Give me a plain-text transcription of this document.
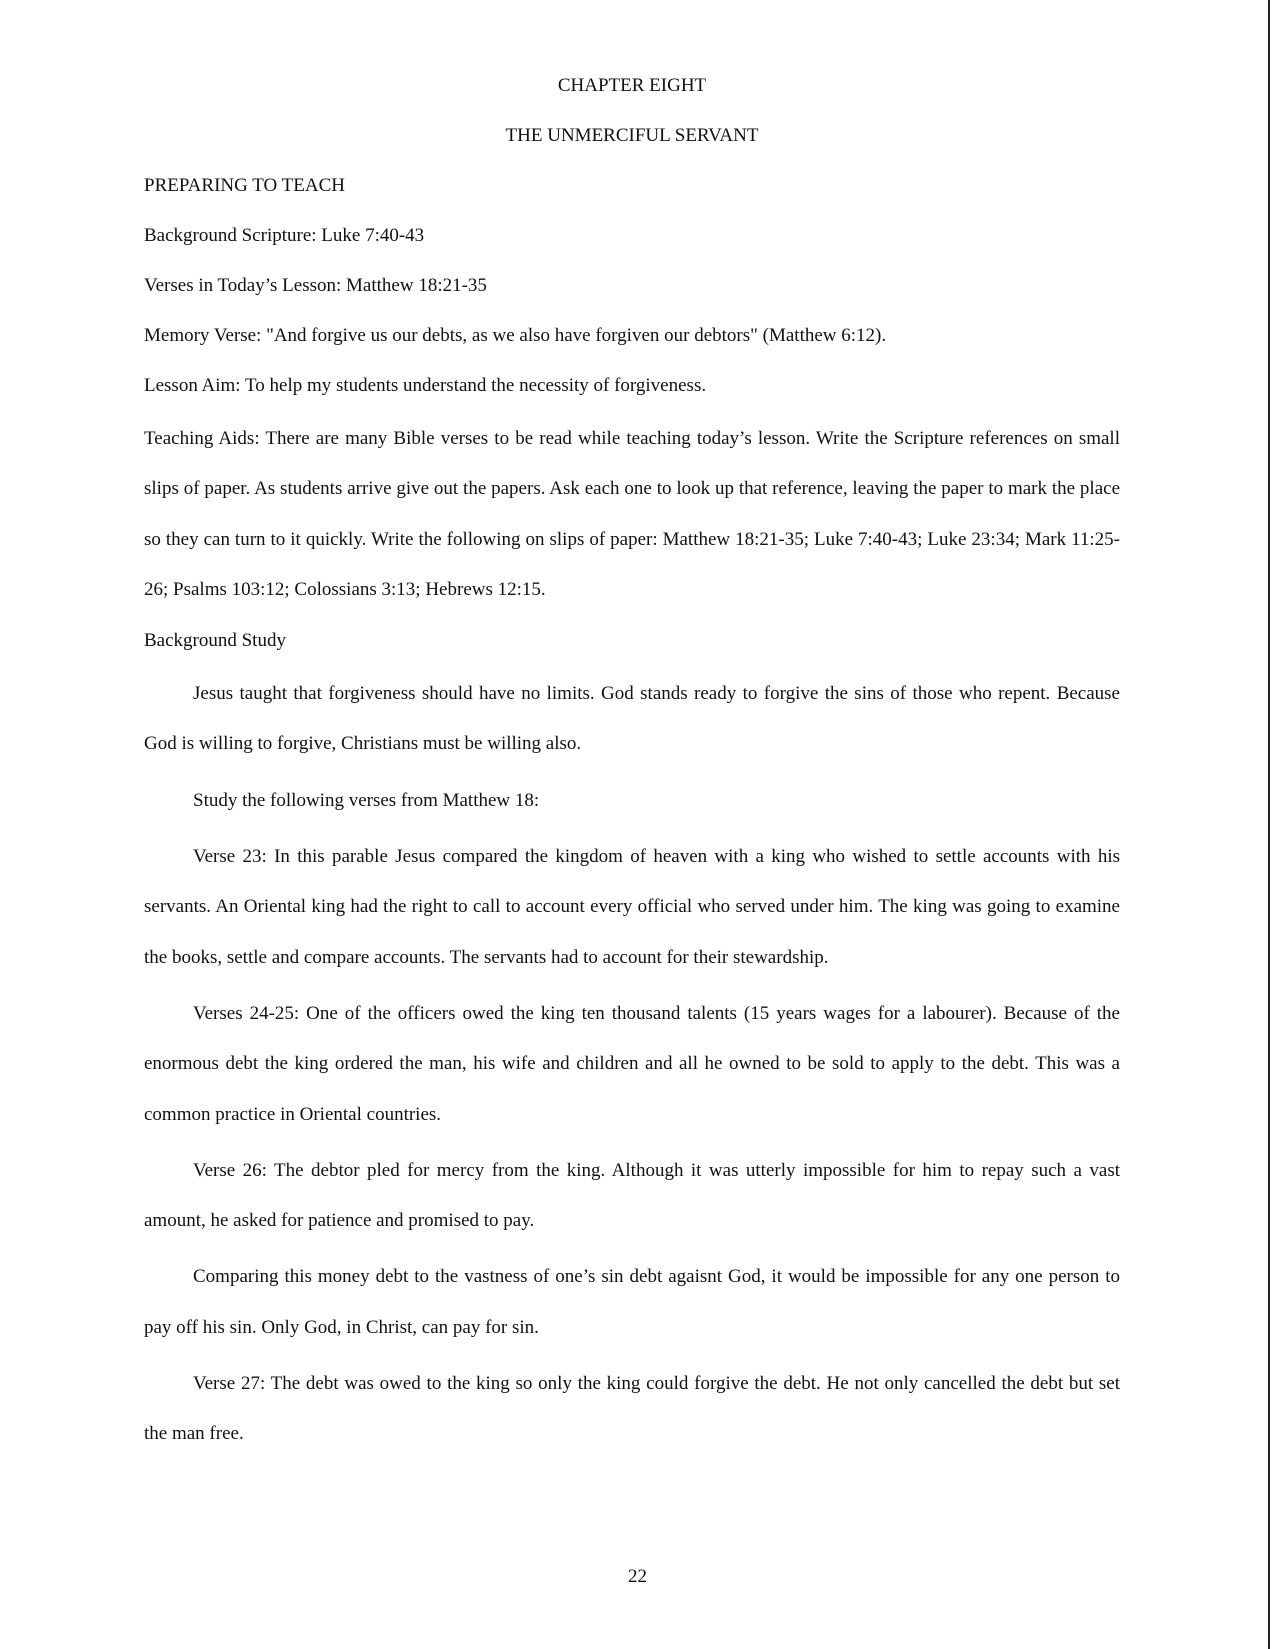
CHAPTER EIGHT
THE UNMERCIFUL SERVANT
PREPARING TO TEACH
Background Scripture: Luke 7:40-43
Verses in Today’s Lesson: Matthew 18:21-35
Memory Verse: "And forgive us our debts, as we also have forgiven our debtors" (Matthew 6:12).
Lesson Aim: To help my students understand the necessity of forgiveness.

Teaching Aids: There are many Bible verses to be read while teaching today’s lesson. Write the Scripture references on small slips of paper. As students arrive give out the papers. Ask each one to look up that reference, leaving the paper to mark the place so they can turn to it quickly. Write the following on slips of paper: Matthew 18:21-35; Luke 7:40-43; Luke 23:34; Mark 11:25-26; Psalms 103:12; Colossians 3:13; Hebrews 12:15.

Background Study

Jesus taught that forgiveness should have no limits. God stands ready to forgive the sins of those who repent. Because God is willing to forgive, Christians must be willing also.

Study the following verses from Matthew 18:

Verse 23: In this parable Jesus compared the kingdom of heaven with a king who wished to settle accounts with his servants. An Oriental king had the right to call to account every official who served under him. The king was going to examine the books, settle and compare accounts. The servants had to account for their stewardship.

Verses 24-25: One of the officers owed the king ten thousand talents (15 years wages for a labourer). Because of the enormous debt the king ordered the man, his wife and children and all he owned to be sold to apply to the debt. This was a common practice in Oriental countries.

Verse 26: The debtor pled for mercy from the king. Although it was utterly impossible for him to repay such a vast amount, he asked for patience and promised to pay.

Comparing this money debt to the vastness of one’s sin debt agaisnt God, it would be impossible for any one person to pay off his sin. Only God, in Christ, can pay for sin.

Verse 27: The debt was owed to the king so only the king could forgive the debt. He not only cancelled the debt but set the man free.

22
